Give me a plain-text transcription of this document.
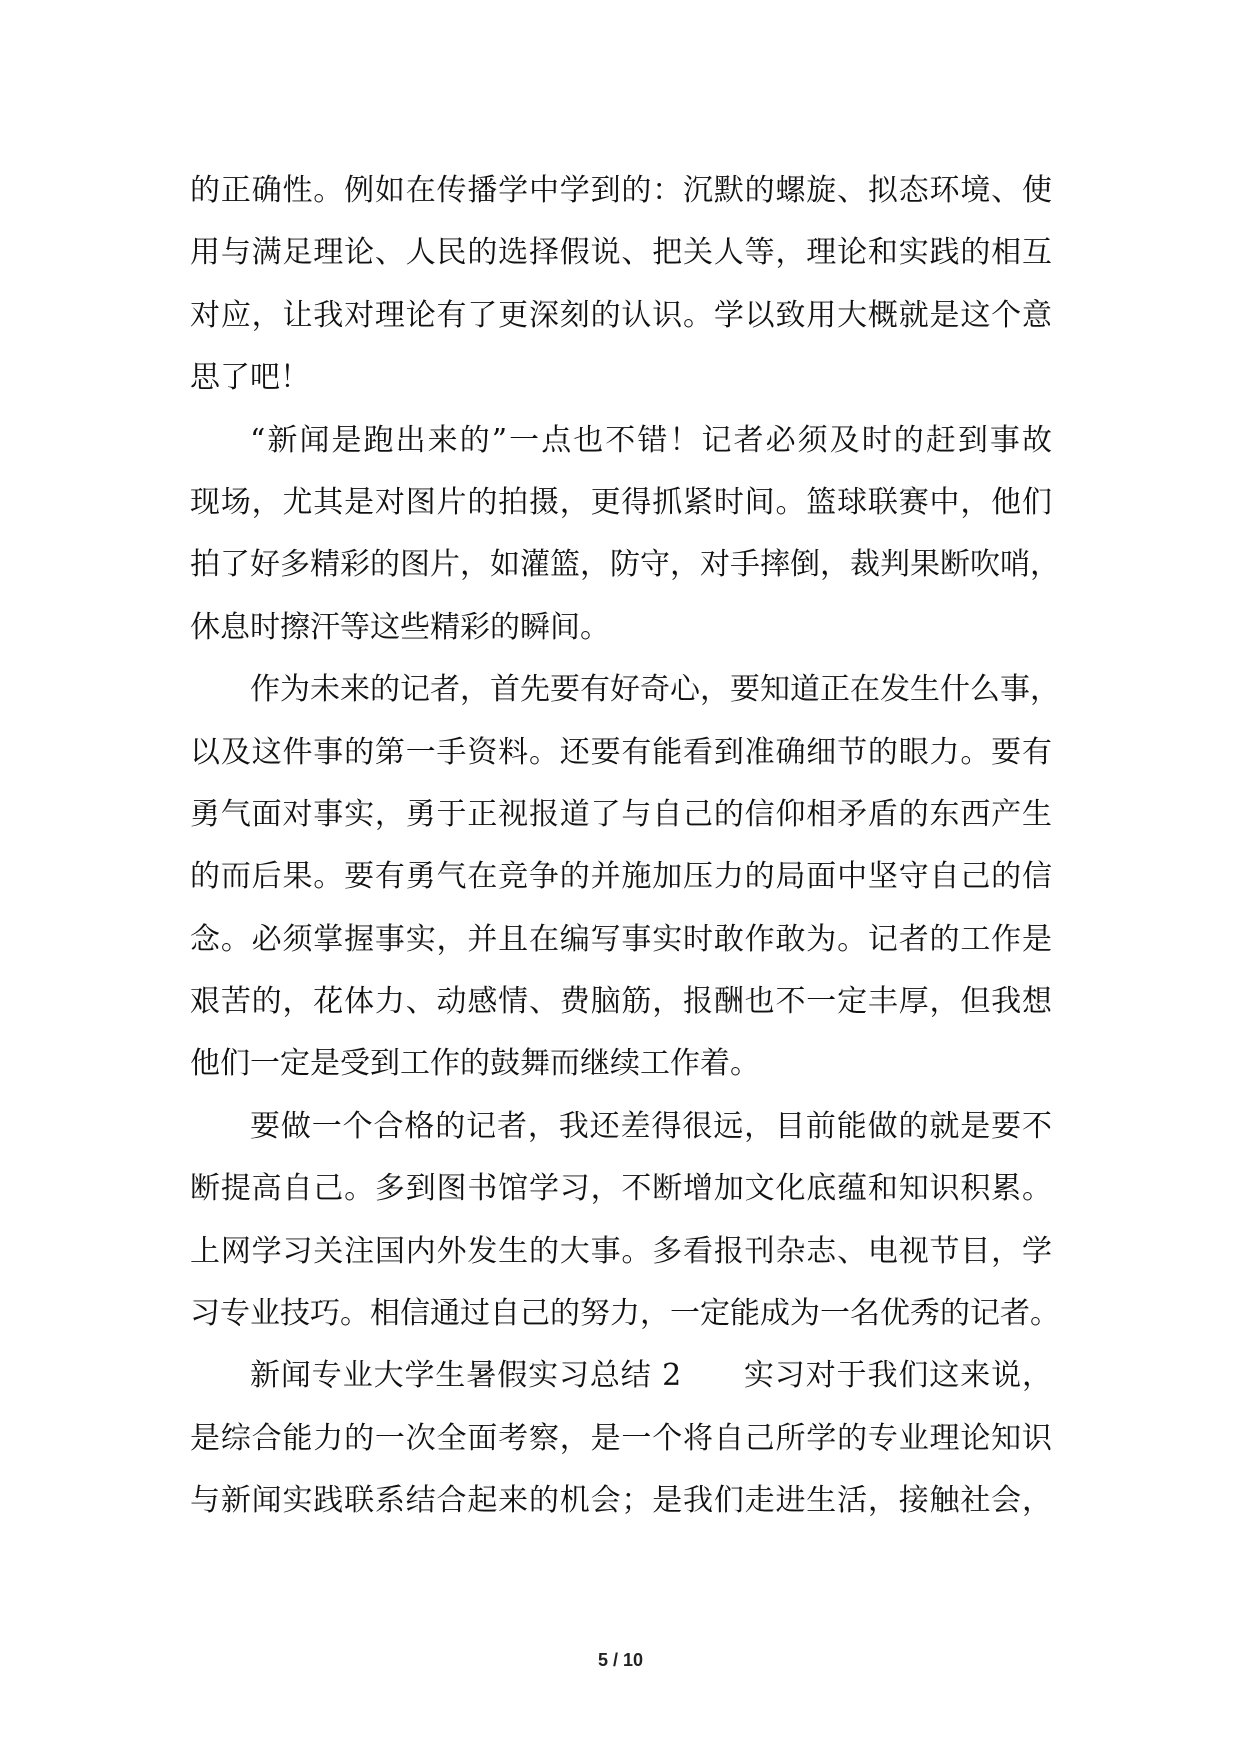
的正确性。例如在传播学中学到的：沉默的螺旋、拟态环境、使
用与满足理论、人民的选择假说、把关人等，理论和实践的相互
对应，让我对理论有了更深刻的认识。学以致用大概就是这个意
思了吧！
“新闻是跑出来的”一点也不错！记者必须及时的赶到事故
现场，尤其是对图片的拍摄，更得抓紧时间。篮球联赛中，他们
拍了好多精彩的图片，如灌篮，防守，对手摔倒，裁判果断吹哨，
休息时擦汗等这些精彩的瞬间。
作为未来的记者，首先要有好奇心，要知道正在发生什么事，
以及这件事的第一手资料。还要有能看到准确细节的眼力。要有
勇气面对事实，勇于正视报道了与自己的信仰相矛盾的东西产生
的而后果。要有勇气在竞争的并施加压力的局面中坚守自己的信
念。必须掌握事实，并且在编写事实时敢作敢为。记者的工作是
艰苦的，花体力、动感情、费脑筋，报酬也不一定丰厚，但我想
他们一定是受到工作的鼓舞而继续工作着。
要做一个合格的记者，我还差得很远，目前能做的就是要不
断提高自己。多到图书馆学习，不断增加文化底蕴和知识积累。
上网学习关注国内外发生的大事。多看报刊杂志、电视节目，学
习专业技巧。相信通过自己的努力，一定能成为一名优秀的记者。
新闻专业大学生暑假实习总结 2　　实习对于我们这来说，
是综合能力的一次全面考察，是一个将自己所学的专业理论知识
与新闻实践联系结合起来的机会；是我们走进生活，接触社会，
5 / 10
